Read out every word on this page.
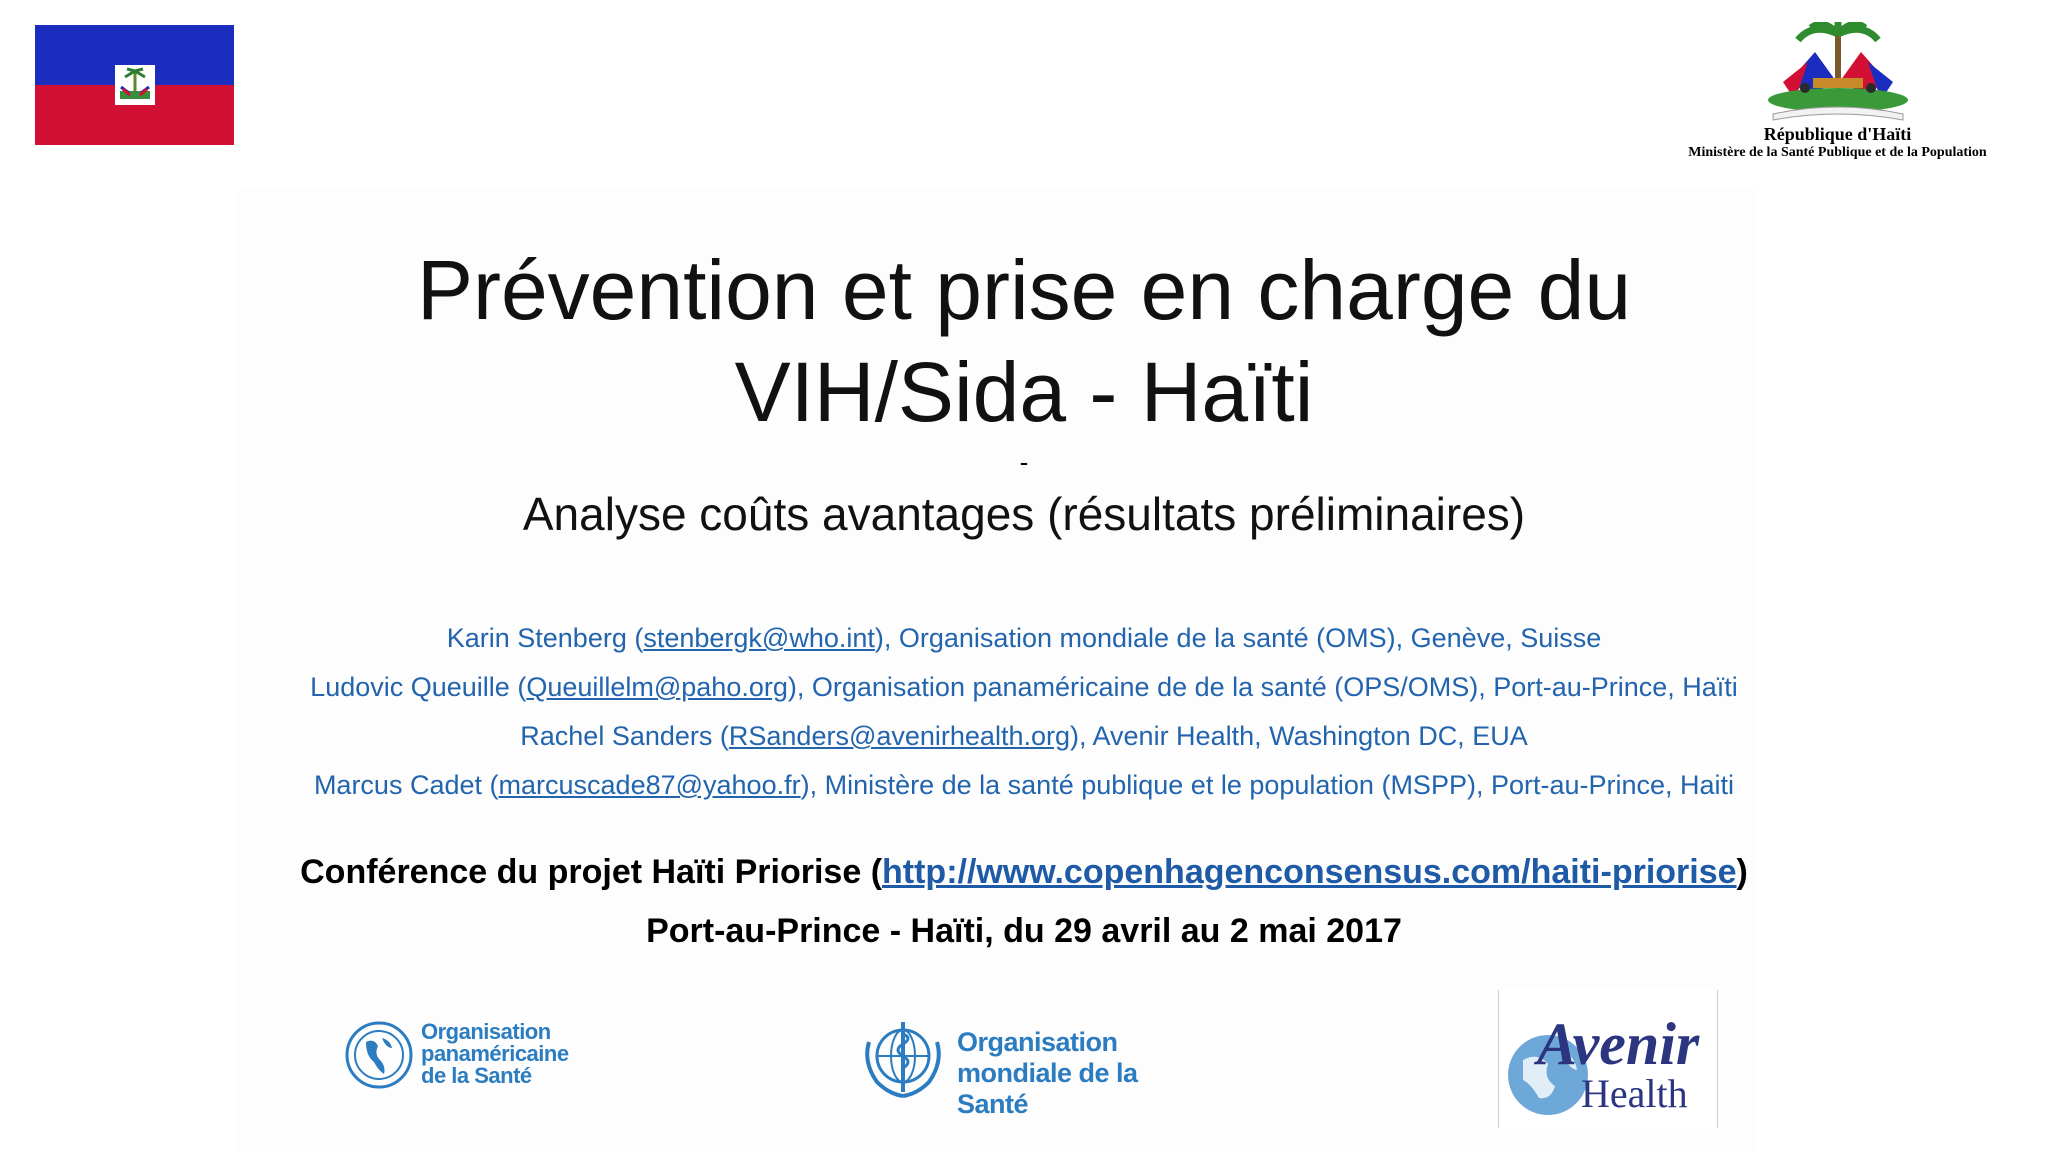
République d'Haïti
Ministère de la Santé Publique et de la Population
Prévention et prise en charge du
VIH/Sida - Haïti
-
Analyse coûts avantages (résultats préliminaires)
Karin Stenberg (stenbergk@who.int), Organisation mondiale de la santé (OMS), Genève, Suisse
Ludovic Queuille (Queuillelm@paho.org), Organisation panaméricaine de de la santé (OPS/OMS), Port-au-Prince, Haïti
Rachel Sanders (RSanders@avenirhealth.org), Avenir Health, Washington DC, EUA
Marcus Cadet (marcuscade87@yahoo.fr), Ministère de la santé publique et le population (MSPP), Port-au-Prince, Haiti
Conférence du projet Haïti Priorise (http://www.copenhagenconsensus.com/haiti-priorise)
Port-au-Prince - Haïti, du 29 avril au 2 mai 2017
Organisation
panaméricaine
de la Santé
Organisation
mondiale de la Santé
Avenir
Health
